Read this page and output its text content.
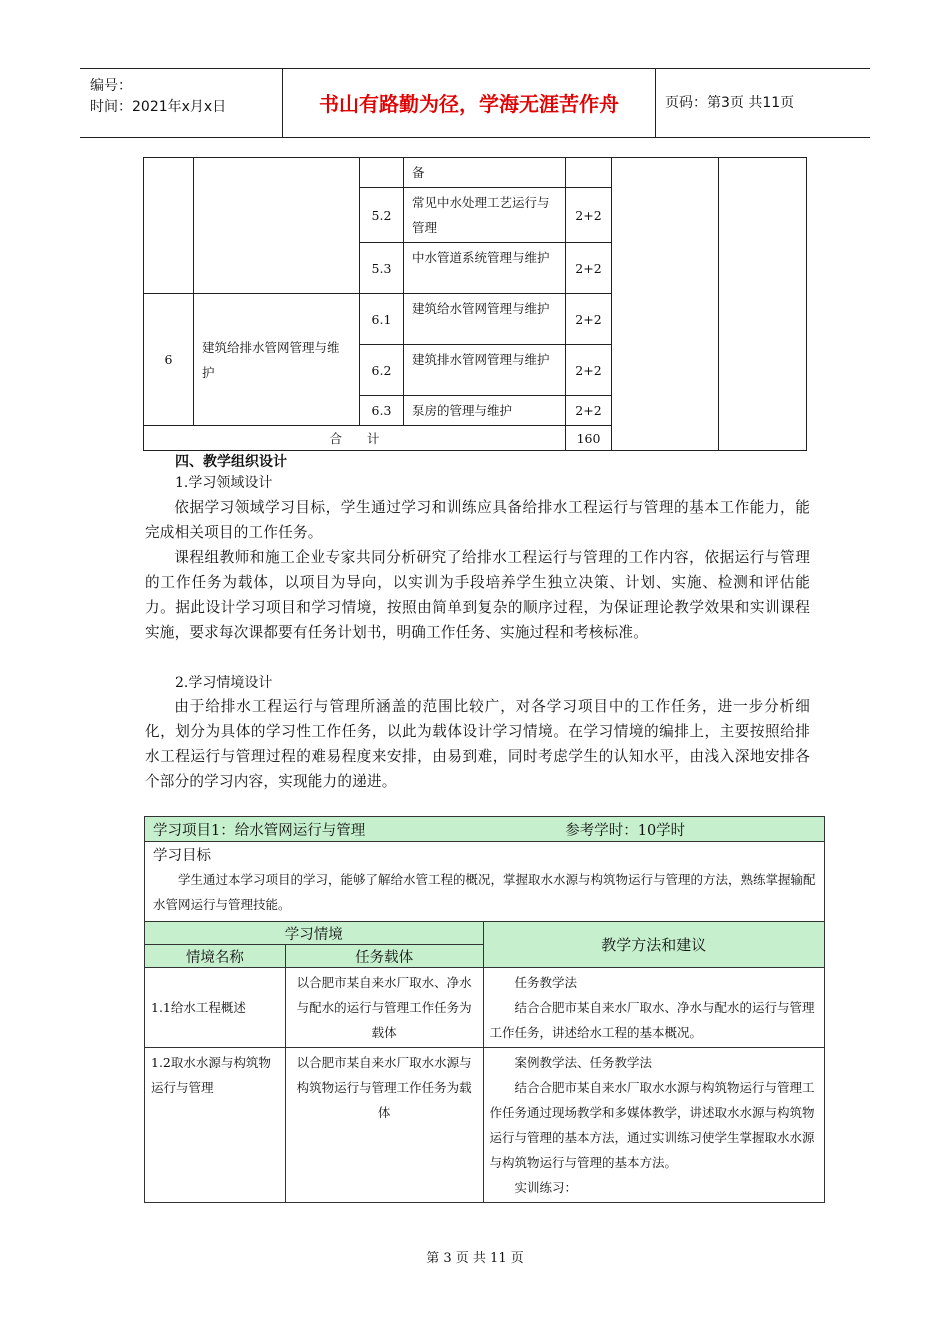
编号：
时间：2021年x月x日	书山有路勤为径，学海无涯苦作舟	页码：第3页 共11页
			备			
		5.2	常见中水处理工艺运行与管理	2+2		
		5.3	中水管道系统管理与维护	2+2		
6	建筑给排水管网管理与维护	6.1	建筑给水管网管理与维护	2+2		
		6.2	建筑排水管网管理与维护	2+2		
		6.3	泵房的管理与维护	2+2		
合　　计				160		
四、教学组织设计
1.学习领域设计
依据学习领域学习目标，学生通过学习和训练应具备给排水工程运行与管理的基本工作能力，能完成相关项目的工作任务。
课程组教师和施工企业专家共同分析研究了给排水工程运行与管理的工作内容，依据运行与管理的工作任务为载体，以项目为导向，以实训为手段培养学生独立决策、计划、实施、检测和评估能力。据此设计学习项目和学习情境，按照由简单到复杂的顺序过程，为保证理论教学效果和实训课程实施，要求每次课都要有任务计划书，明确工作任务、实施过程和考核标准。
2.学习情境设计
由于给排水工程运行与管理所涵盖的范围比较广，对各学习项目中的工作任务，进一步分析细化，划分为具体的学习性工作任务，以此为载体设计学习情境。在学习情境的编排上，主要按照给排水工程运行与管理过程的难易程度来安排，由易到难，同时考虑学生的认知水平，由浅入深地安排各个部分的学习内容，实现能力的递进。
学习项目1：给水管网运行与管理 参考学时：10学时		

学习目标
学生通过本学习项目的学习，能够了解给水管工程的概况，掌握取水水源与构筑物运行与管理的方法，熟练掌握输配水管网运行与管理技能。		

学习情境		教学方法和建议
情境名称	任务载体	
1.1给水工程概述	以合肥市某自来水厂取水、净水与配水的运行与管理工作任务为载体	任务教学法

结合合肥市某自来水厂取水、净水与配水的运行与管理工作任务，讲述给水工程的基本概况。

1.2取水水源与构筑物运行与管理	以合肥市某自来水厂取水水源与构筑物运行与管理工作任务为载体	案例教学法、任务教学法

结合合肥市某自来水厂取水水源与构筑物运行与管理工作任务通过现场教学和多媒体教学，讲述取水水源与构筑物运行与管理的基本方法，通过实训练习使学生掌握取水水源与构筑物运行与管理的基本方法。

实训练习：

第 3 页 共 11 页
